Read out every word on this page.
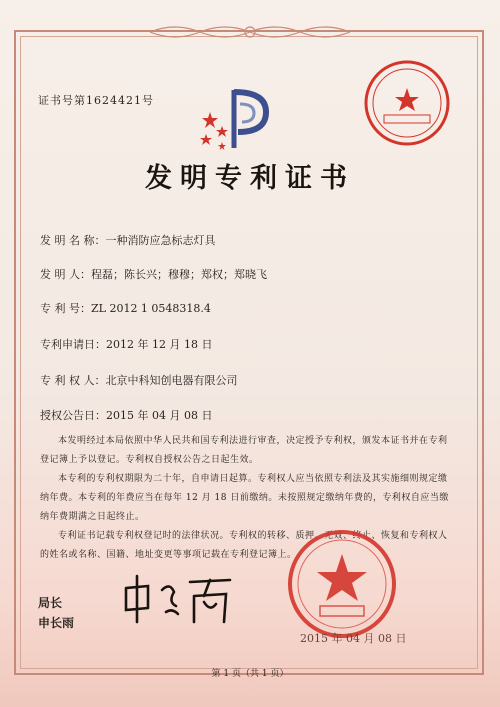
证书号第1624421号
发明专利证书
发 明 名 称：一种消防应急标志灯具
发 明 人：程磊；陈长兴；穆穆；郑权；郑晓飞
专 利 号：ZL 2012 1 0548318.4
专利申请日：2012 年 12 月 18 日
专 利 权 人：北京中科知创电器有限公司
授权公告日：2015 年 04 月 08 日

本发明经过本局依照中华人民共和国专利法进行审查，决定授予专利权，颁发本证书并在专利登记簿上予以登记。专利权自授权公告之日起生效。

本专利的专利权期限为二十年，自申请日起算。专利权人应当依照专利法及其实施细则规定缴纳年费。本专利的年费应当在每年 12 月 18 日前缴纳。未按照规定缴纳年费的，专利权自应当缴纳年费期满之日起终止。

专利证书记载专利权登记时的法律状况。专利权的转移、质押、无效、终止、恢复和专利权人的姓名或名称、国籍、地址变更等事项记载在专利登记簿上。

局长
申长雨
2015 年 04 月 08 日
第 1 页（共 1 页）
